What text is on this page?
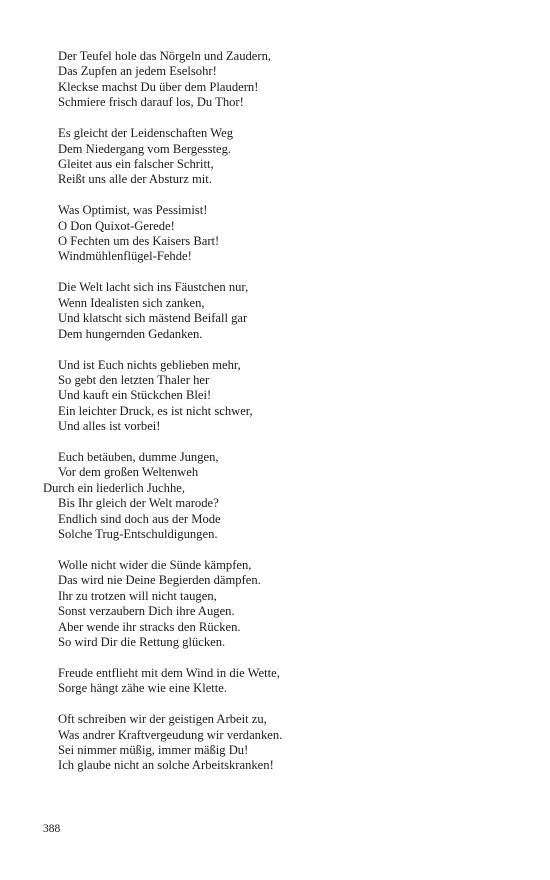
Der Teufel hole das Nörgeln und Zaudern,
Das Zupfen an jedem Eselsohr!
Kleckse machst Du über dem Plaudern!
Schmiere frisch darauf los, Du Thor!
Es gleicht der Leidenschaften Weg
Dem Niedergang vom Bergessteg.
Gleitet aus ein falscher Schritt,
Reißt uns alle der Absturz mit.
Was Optimist, was Pessimist!
O Don Quixot-Gerede!
O Fechten um des Kaisers Bart!
Windmühlenflügel-Fehde!
Die Welt lacht sich ins Fäustchen nur,
Wenn Idealisten sich zanken,
Und klatscht sich mästend Beifall gar
Dem hungernden Gedanken.
Und ist Euch nichts geblieben mehr,
So gebt den letzten Thaler her
Und kauft ein Stückchen Blei!
Ein leichter Druck, es ist nicht schwer,
Und alles ist vorbei!
Euch betäuben, dumme Jungen,
Vor dem großen Weltenweh
Durch ein liederlich Juchhe,
Bis Ihr gleich der Welt marode?
Endlich sind doch aus der Mode
Solche Trug-Entschuldigungen.
Wolle nicht wider die Sünde kämpfen,
Das wird nie Deine Begierden dämpfen.
Ihr zu trotzen will nicht taugen,
Sonst verzaubern Dich ihre Augen.
Aber wende ihr stracks den Rücken.
So wird Dir die Rettung glücken.
Freude entflieht mit dem Wind in die Wette,
Sorge hängt zähe wie eine Klette.
Oft schreiben wir der geistigen Arbeit zu,
Was andrer Kraftvergeudung wir verdanken.
Sei nimmer müßig, immer mäßig Du!
Ich glaube nicht an solche Arbeitskranken!
388
